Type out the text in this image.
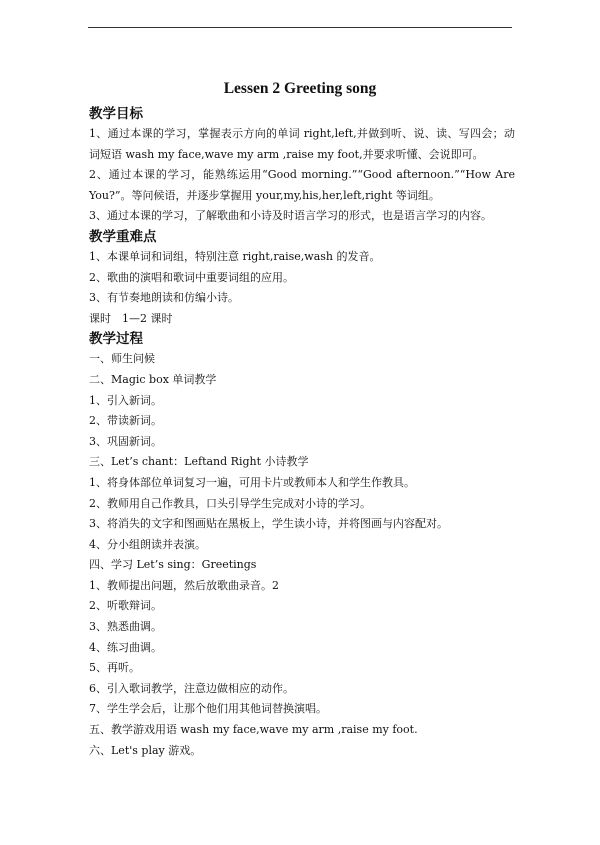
Lessen 2 Greeting song
教学目标

1、通过本课的学习，掌握表示方向的单词 right,left,并做到听、说、读、写四会；动词短语 wash my face,wave my arm ,raise my foot,并要求听懂、会说即可。

2、通过本课的学习，能熟练运用“Good morning.”“Good afternoon.”“How Are You?”。等问候语，并逐步掌握用 your,my,his,her,left,right 等词组。

3、通过本课的学习，了解歌曲和小诗及时语言学习的形式，也是语言学习的内容。

教学重难点

1、本课单词和词组，特别注意 right,raise,wash 的发音。

2、歌曲的演唱和歌词中重要词组的应用。

3、有节奏地朗读和仿编小诗。

课时　1—2 课时

教学过程

一、师生问候

二、Magic box 单词教学

1、引入新词。

2、带读新词。

3、巩固新词。

三、Let’s chant：Leftand Right 小诗教学

1、将身体部位单词复习一遍，可用卡片或教师本人和学生作教具。

2、教师用自己作教具，口头引导学生完成对小诗的学习。

3、将消失的文字和图画贴在黑板上，学生读小诗，并将图画与内容配对。

4、分小组朗读并表演。

四、学习 Let’s sing：Greetings

1、教师提出问题，然后放歌曲录音。2

2、听歌辩词。

3、熟悉曲调。

4、练习曲调。

5、再听。

6、引入歌词教学，注意边做相应的动作。

7、学生学会后，让那个他们用其他词替换演唱。

五、教学游戏用语 wash my face,wave my arm ,raise my foot.

六、Let's play 游戏。
